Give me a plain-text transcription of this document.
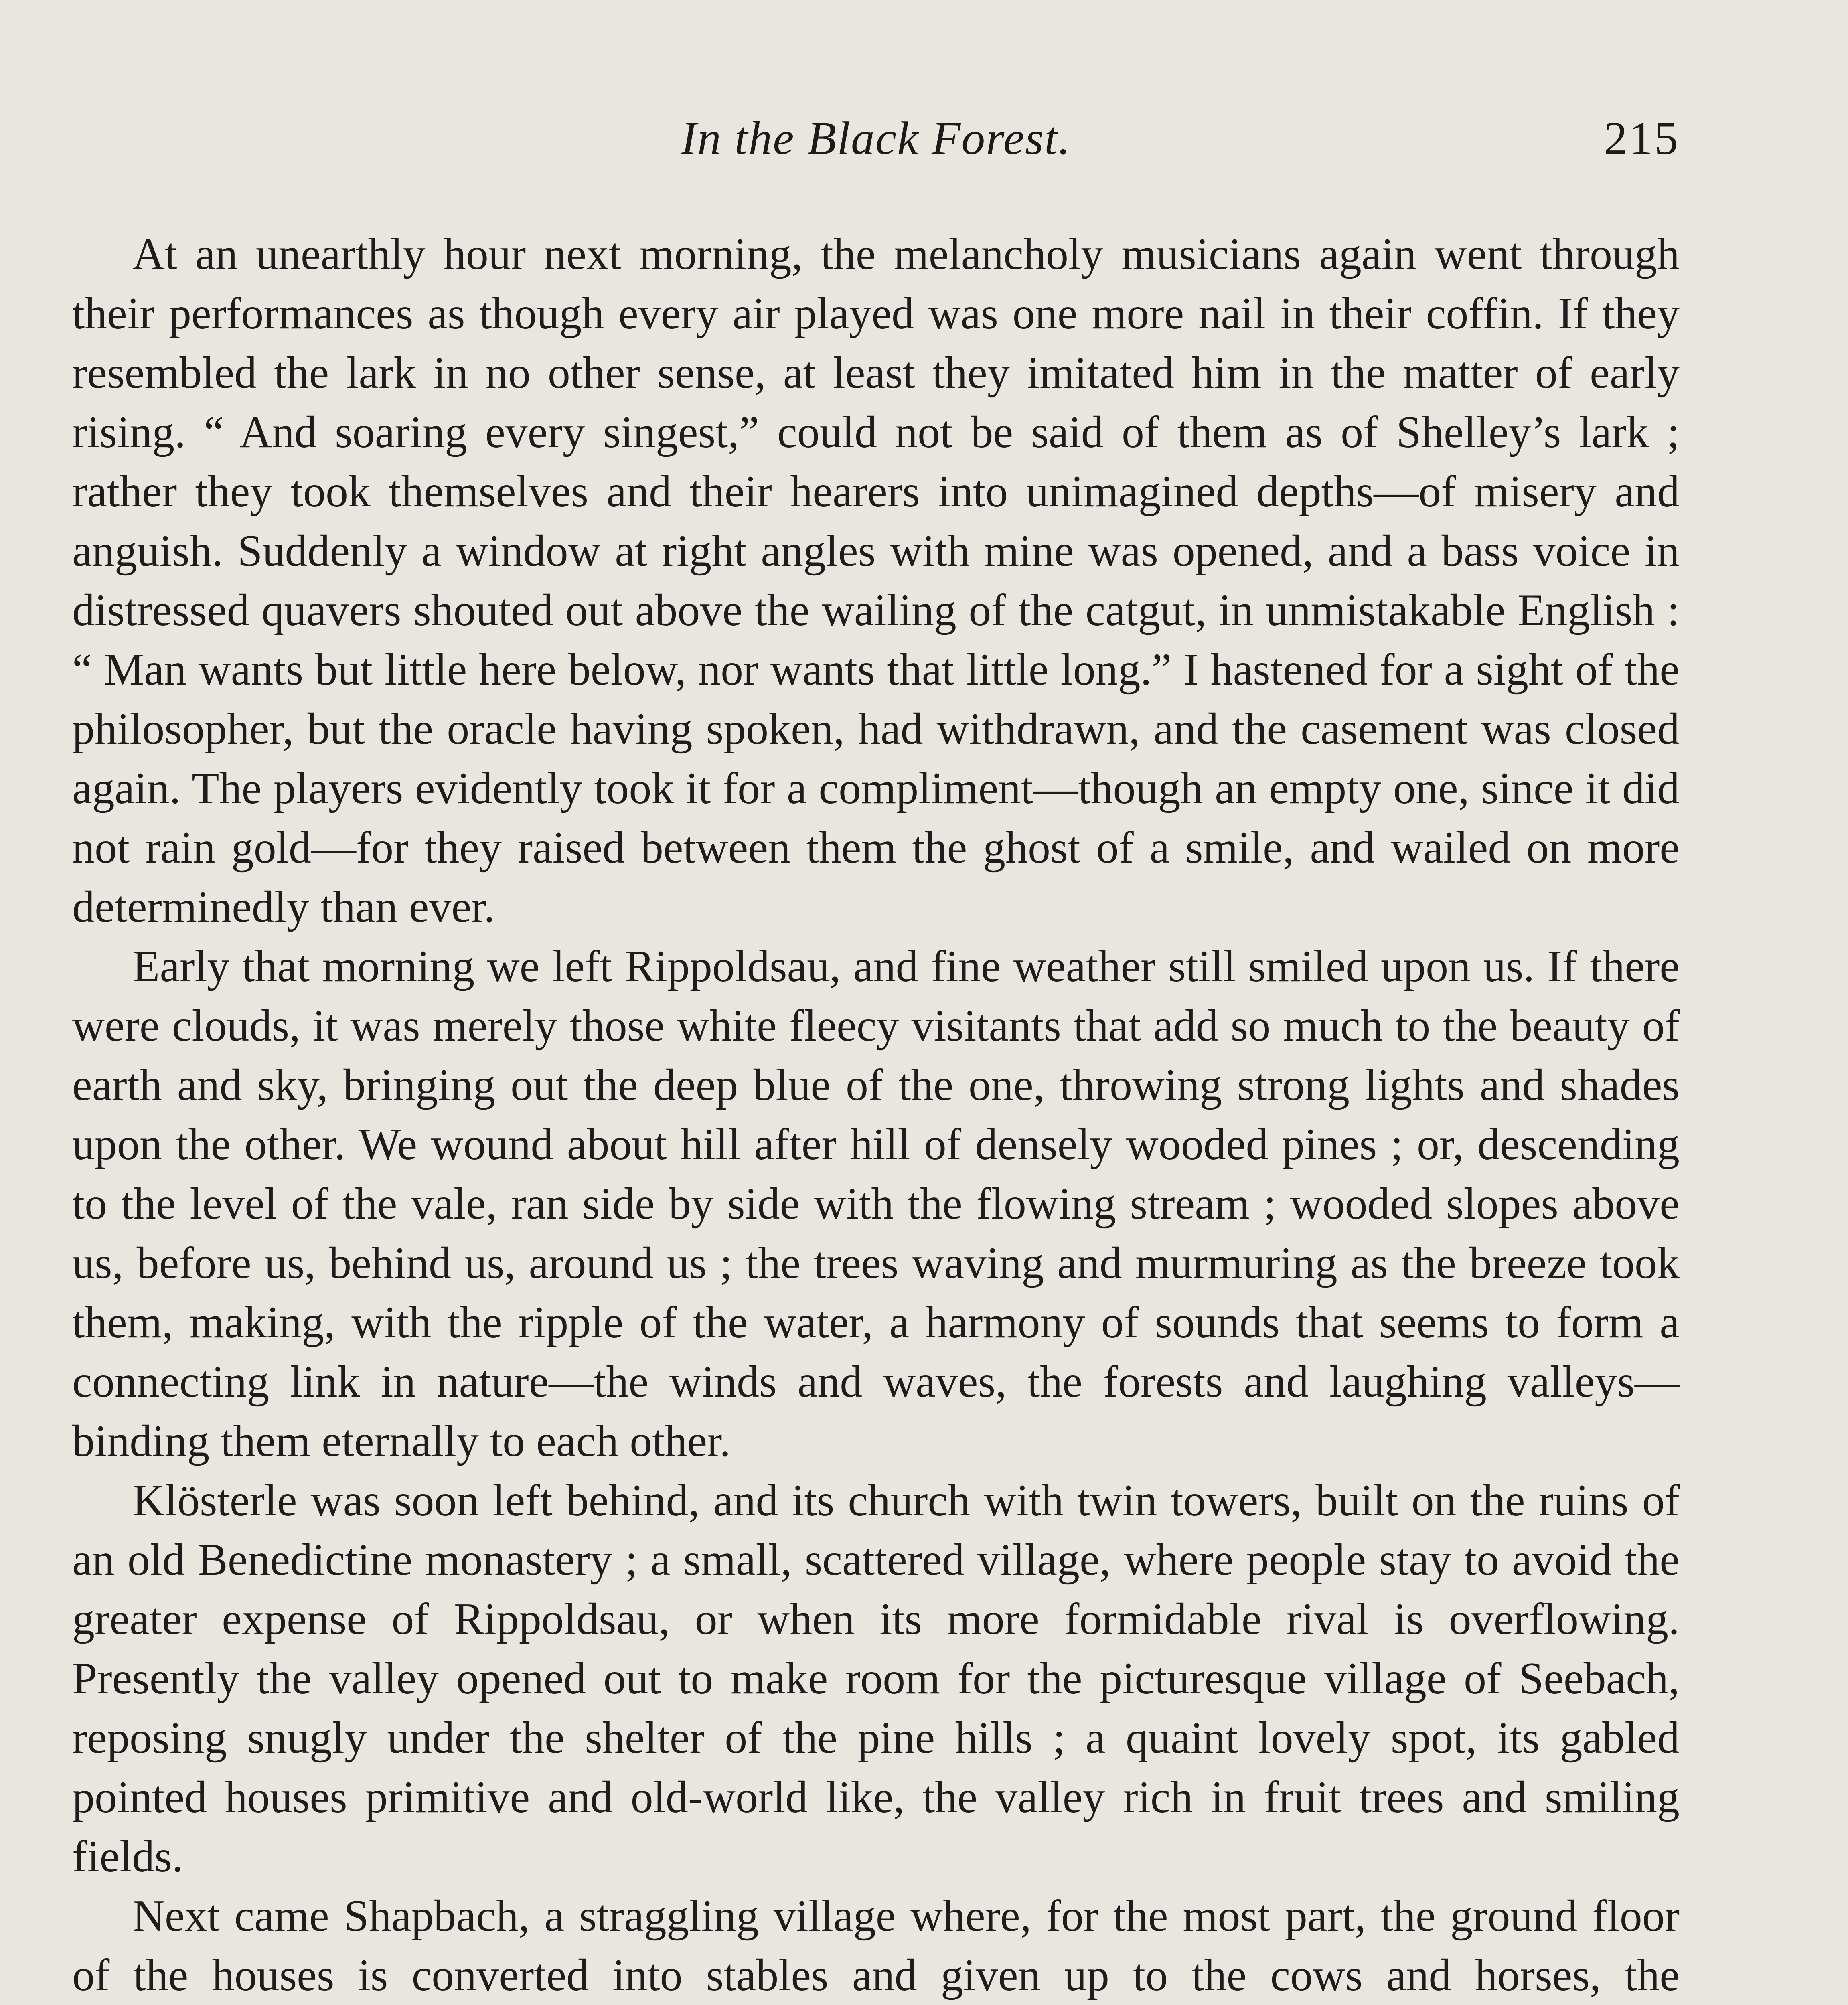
In the Black Forest.	215

At an unearthly hour next morning, the melancholy musicians again went through their performances as though every air played was one more nail in their coffin. If they resembled the lark in no other sense, at least they imitated him in the matter of early rising. “ And soaring every singest,” could not be said of them as of Shelley’s lark ; rather they took themselves and their hearers into unimagined depths—of misery and anguish. Suddenly a window at right angles with mine was opened, and a bass voice in distressed quavers shouted out above the wailing of the catgut, in unmistakable English : “ Man wants but little here below, nor wants that little long.” I hastened for a sight of the philosopher, but the oracle having spoken, had withdrawn, and the casement was closed again. The players evidently took it for a compliment—though an empty one, since it did not rain gold—for they raised between them the ghost of a smile, and wailed on more determinedly than ever.

Early that morning we left Rippoldsau, and fine weather still smiled upon us. If there were clouds, it was merely those white fleecy visitants that add so much to the beauty of earth and sky, bringing out the deep blue of the one, throwing strong lights and shades upon the other. We wound about hill after hill of densely wooded pines ; or, descending to the level of the vale, ran side by side with the flowing stream ; wooded slopes above us, before us, behind us, around us ; the trees waving and murmuring as the breeze took them, making, with the ripple of the water, a harmony of sounds that seems to form a connecting link in nature—the winds and waves, the forests and laughing valleys—binding them eternally to each other.

Klösterle was soon left behind, and its church with twin towers, built on the ruins of an old Benedictine monastery ; a small, scattered village, where people stay to avoid the greater expense of Rippoldsau, or when its more formidable rival is overflowing. Presently the valley opened out to make room for the picturesque village of Seebach, reposing snugly under the shelter of the pine hills ; a quaint lovely spot, its gabled pointed houses primitive and old-world like, the valley rich in fruit trees and smiling fields.

Next came Shapbach, a straggling village where, for the most part, the ground floor of the houses is converted into stables and given up to the cows and horses, the
